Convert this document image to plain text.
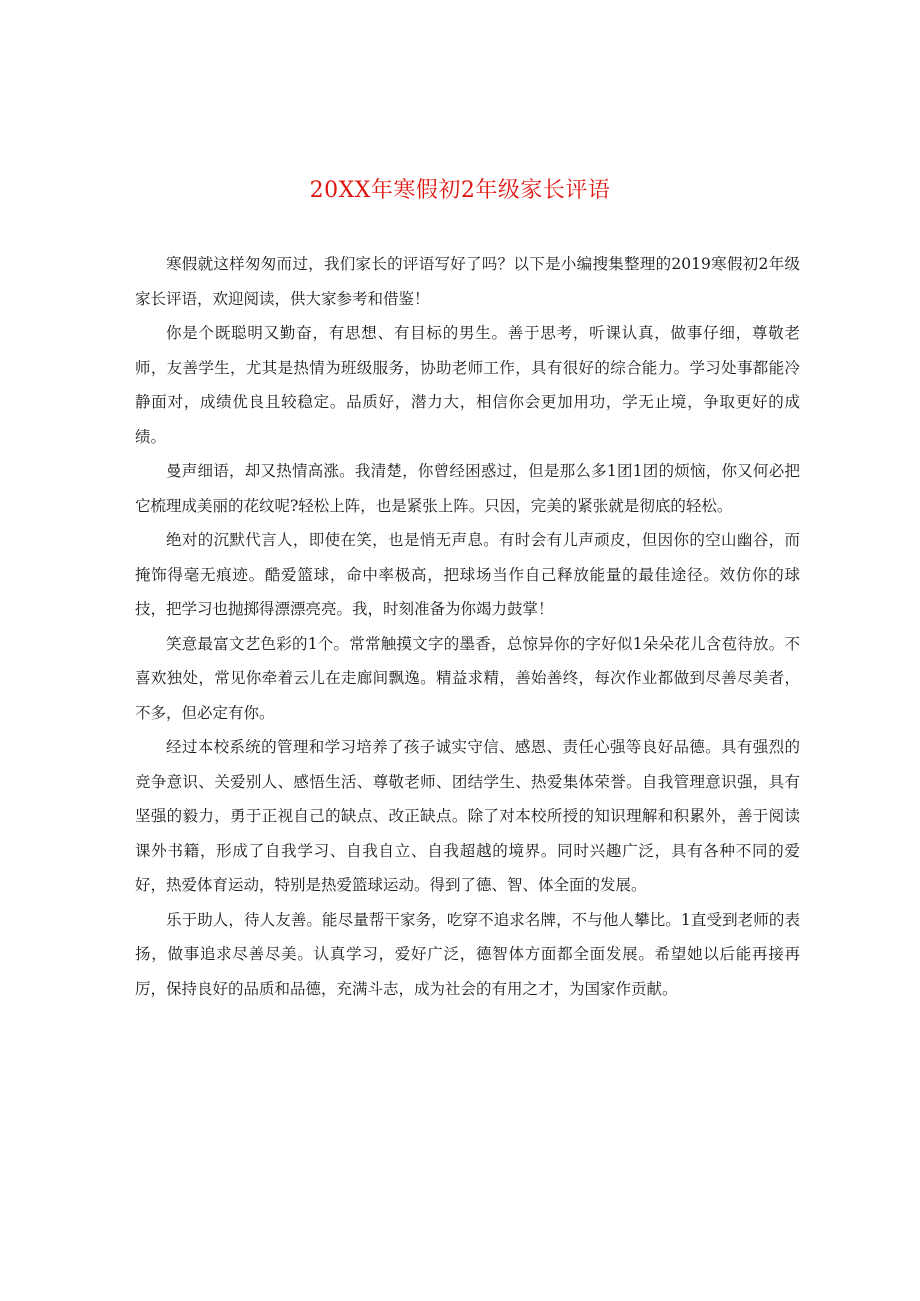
20XX年寒假初2年级家长评语

寒假就这样匆匆而过，我们家长的评语写好了吗？以下是小编搜集整理的2019寒假初2年级家长评语，欢迎阅读，供大家参考和借鉴！

你是个既聪明又勤奋，有思想、有目标的男生。善于思考，听课认真，做事仔细，尊敬老师，友善学生，尤其是热情为班级服务，协助老师工作，具有很好的综合能力。学习处事都能冷静面对，成绩优良且较稳定。品质好，潜力大，相信你会更加用功，学无止境，争取更好的成绩。

曼声细语，却又热情高涨。我清楚，你曾经困惑过，但是那么多1团1团的烦恼，你又何必把它梳理成美丽的花纹呢?轻松上阵，也是紧张上阵。只因，完美的紧张就是彻底的轻松。

绝对的沉默代言人，即使在笑，也是悄无声息。有时会有儿声顽皮，但因你的空山幽谷，而掩饰得毫无痕迹。酷爱篮球，命中率极高，把球场当作自己释放能量的最佳途径。效仿你的球技，把学习也抛掷得漂漂亮亮。我，时刻准备为你竭力鼓掌！

笑意最富文艺色彩的1个。常常触摸文字的墨香，总惊异你的字好似1朵朵花儿含苞待放。不喜欢独处，常见你牵着云儿在走廊间飘逸。精益求精，善始善终，每次作业都做到尽善尽美者，不多，但必定有你。

经过本校系统的管理和学习培养了孩子诚实守信、感恩、责任心强等良好品德。具有强烈的竞争意识、关爱别人、感悟生活、尊敬老师、团结学生、热爱集体荣誉。自我管理意识强，具有坚强的毅力，勇于正视自己的缺点、改正缺点。除了对本校所授的知识理解和积累外，善于阅读课外书籍，形成了自我学习、自我自立、自我超越的境界。同时兴趣广泛，具有各种不同的爱好，热爱体育运动，特别是热爱篮球运动。得到了德、智、体全面的发展。

乐于助人，待人友善。能尽量帮干家务，吃穿不追求名牌，不与他人攀比。1直受到老师的表扬，做事追求尽善尽美。认真学习，爱好广泛，德智体方面都全面发展。希望她以后能再接再厉，保持良好的品质和品德，充满斗志，成为社会的有用之才，为国家作贡献。
